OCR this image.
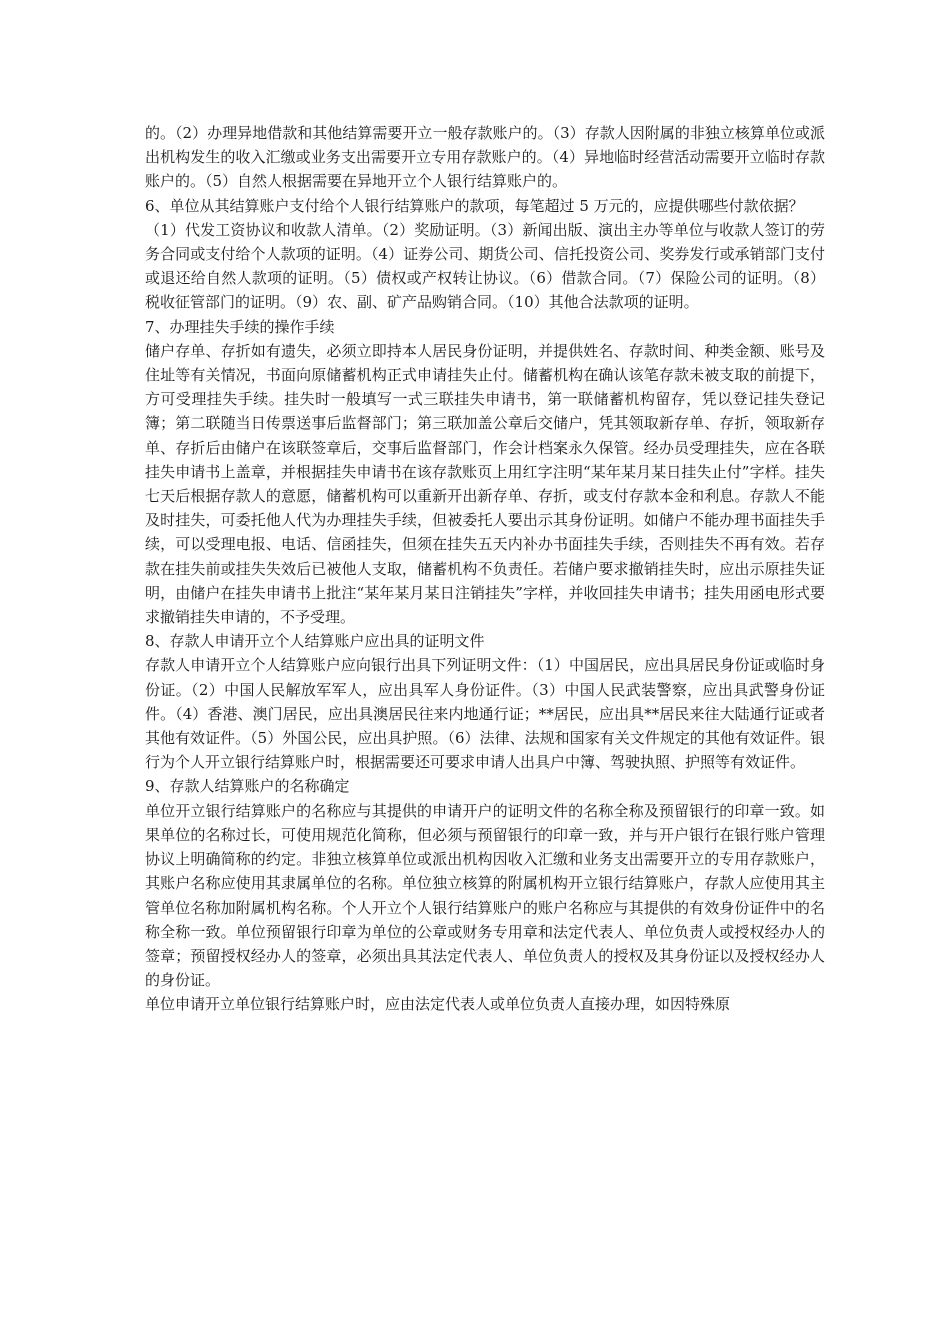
的。（2）办理异地借款和其他结算需要开立一般存款账户的。（3）存款人因附属的非独立核算单位或派出机构发生的收入汇缴或业务支出需要开立专用存款账户的。（4）异地临时经营活动需要开立临时存款账户的。（5）自然人根据需要在异地开立个人银行结算账户的。

6、单位从其结算账户支付给个人银行结算账户的款项，每笔超过 5 万元的，应提供哪些付款依据？

（1）代发工资协议和收款人清单。（2）奖励证明。（3）新闻出版、演出主办等单位与收款人签订的劳务合同或支付给个人款项的证明。（4）证券公司、期货公司、信托投资公司、奖券发行或承销部门支付或退还给自然人款项的证明。（5）债权或产权转让协议。（6）借款合同。（7）保险公司的证明。（8）税收征管部门的证明。（9）农、副、矿产品购销合同。（10）其他合法款项的证明。

7、办理挂失手续的操作手续

储户存单、存折如有遗失，必须立即持本人居民身份证明，并提供姓名、存款时间、种类金额、账号及住址等有关情况，书面向原储蓄机构正式申请挂失止付。储蓄机构在确认该笔存款未被支取的前提下，方可受理挂失手续。挂失时一般填写一式三联挂失申请书，第一联储蓄机构留存，凭以登记挂失登记簿；第二联随当日传票送事后监督部门；第三联加盖公章后交储户，凭其领取新存单、存折，领取新存单、存折后由储户在该联签章后，交事后监督部门，作会计档案永久保管。经办员受理挂失，应在各联挂失申请书上盖章，并根据挂失申请书在该存款账页上用红字注明“某年某月某日挂失止付”字样。挂失七天后根据存款人的意愿，储蓄机构可以重新开出新存单、存折，或支付存款本金和利息。存款人不能及时挂失，可委托他人代为办理挂失手续，但被委托人要出示其身份证明。如储户不能办理书面挂失手续，可以受理电报、电话、信函挂失，但须在挂失五天内补办书面挂失手续，否则挂失不再有效。若存款在挂失前或挂失失效后已被他人支取，储蓄机构不负责任。若储户要求撤销挂失时，应出示原挂失证明，由储户在挂失申请书上批注“某年某月某日注销挂失”字样，并收回挂失申请书；挂失用函电形式要求撤销挂失申请的，不予受理。

8、存款人申请开立个人结算账户应出具的证明文件

存款人申请开立个人结算账户应向银行出具下列证明文件：（1）中国居民，应出具居民身份证或临时身份证。（2）中国人民解放军军人，应出具军人身份证件。（3）中国人民武装警察，应出具武警身份证件。（4）香港、澳门居民，应出具澳居民往来内地通行证；**居民，应出具**居民来往大陆通行证或者其他有效证件。（5）外国公民，应出具护照。（6）法律、法规和国家有关文件规定的其他有效证件。银行为个人开立银行结算账户时，根据需要还可要求申请人出具户中簿、驾驶执照、护照等有效证件。

9、存款人结算账户的名称确定

单位开立银行结算账户的名称应与其提供的申请开户的证明文件的名称全称及预留银行的印章一致。如果单位的名称过长，可使用规范化简称，但必须与预留银行的印章一致，并与开户银行在银行账户管理协议上明确简称的约定。非独立核算单位或派出机构因收入汇缴和业务支出需要开立的专用存款账户，其账户名称应使用其隶属单位的名称。单位独立核算的附属机构开立银行结算账户，存款人应使用其主管单位名称加附属机构名称。个人开立个人银行结算账户的账户名称应与其提供的有效身份证件中的名称全称一致。单位预留银行印章为单位的公章或财务专用章和法定代表人、单位负责人或授权经办人的签章；预留授权经办人的签章，必须出具其法定代表人、单位负责人的授权及其身份证以及授权经办人的身份证。

单位申请开立单位银行结算账户时，应由法定代表人或单位负责人直接办理，如因特殊原
